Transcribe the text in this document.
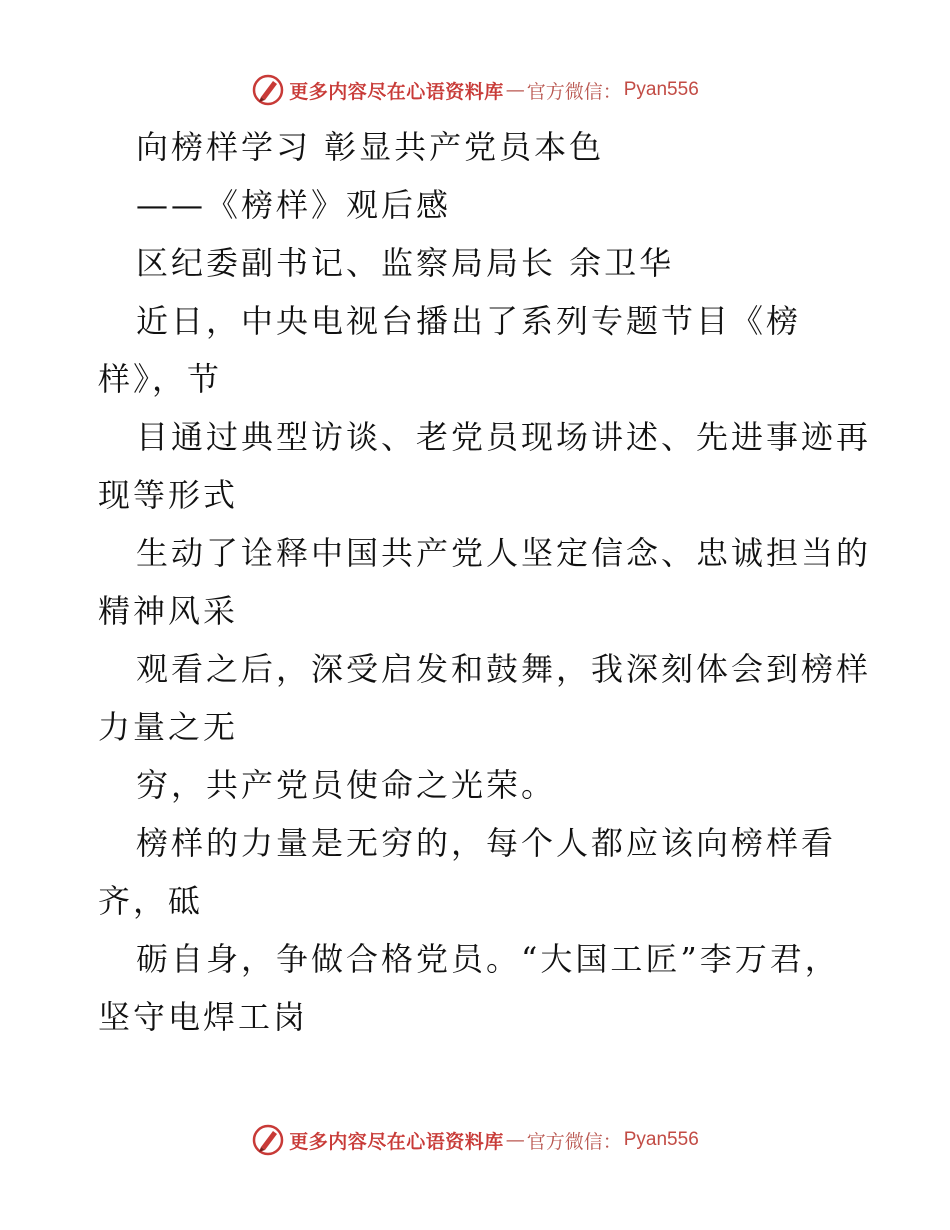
更多内容尽在心语资料库 — 官方微信： Pyan556
向榜样学习 彰显共产党员本色
——《榜样》观后感
区纪委副书记、监察局局长 余卫华
近日，中央电视台播出了系列专题节目《榜
样》，节
目通过典型访谈、老党员现场讲述、先进事迹再
现等形式
生动了诠释中国共产党人坚定信念、忠诚担当的
精神风采
观看之后，深受启发和鼓舞，我深刻体会到榜样
力量之无
穷，共产党员使命之光荣。
榜样的力量是无穷的，每个人都应该向榜样看
齐，砥
砺自身，争做合格党员。“大国工匠”李万君，
坚守电焊工岗
更多内容尽在心语资料库 — 官方微信： Pyan556
